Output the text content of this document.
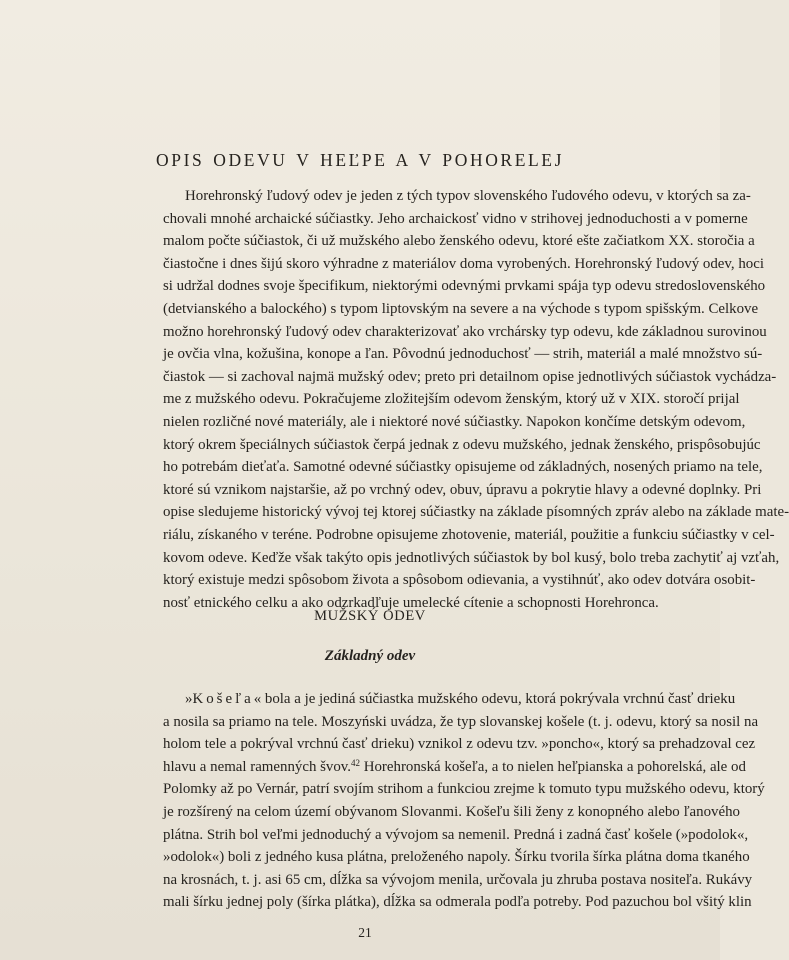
OPIS ODEVU V HEĽPE A V POHORELEJ
Horehronský ľudový odev je jeden z tých typov slovenského ľudového odevu, v ktorých sa za-
chovali mnohé archaické súčiastky. Jeho archaickosť vidno v strihovej jednoduchosti a v pomerne
malom počte súčiastok, či už mužského alebo ženského odevu, ktoré ešte začiatkom XX. storočia a
čiastočne i dnes šijú skoro výhradne z materiálov doma vyrobených. Horehronský ľudový odev, hoci
si udržal dodnes svoje špecifikum, niektorými odevnými prvkami spája typ odevu stredoslovenského
(detvianského a balockého) s typom liptovským na severe a na východe s typom spišským. Celkove
možno horehronský ľudový odev charakterizovať ako vrchársky typ odevu, kde základnou surovinou
je ovčia vlna, kožušina, konope a ľan. Pôvodnú jednoduchosť — strih, materiál a malé množstvo sú-
čiastok — si zachoval najmä mužský odev; preto pri detailnom opise jednotlivých súčiastok vychádza-
me z mužského odevu. Pokračujeme zložitejším odevom ženským, ktorý už v XIX. storočí prijal
nielen rozličné nové materiály, ale i niektoré nové súčiastky. Napokon končíme detským odevom,
ktorý okrem špeciálnych súčiastok čerpá jednak z odevu mužského, jednak ženského, prispôsobujúc
ho potrebám dieťaťa. Samotné odevné súčiastky opisujeme od základných, nosených priamo na tele,
ktoré sú vznikom najstaršie, až po vrchný odev, obuv, úpravu a pokrytie hlavy a odevné doplnky. Pri
opise sledujeme historický vývoj tej ktorej súčiastky na základe písomných zpráv alebo na základe mate-
riálu, získaného v teréne. Podrobne opisujeme zhotovenie, materiál, použitie a funkciu súčiastky v cel-
kovom odeve. Keďže však takýto opis jednotlivých súčiastok by bol kusý, bolo treba zachytiť aj vzťah,
ktorý existuje medzi spôsobom života a spôsobom odievania, a vystihnúť, ako odev dotvára osobit-
nosť etnického celku a ako odzrkadľuje umelecké cítenie a schopnosti Horehronca.
MUŽSKÝ ODEV
Základný odev
»Košeľa« bola a je jediná súčiastka mužského odevu, ktorá pokrývala vrchnú časť drieku
a nosila sa priamo na tele. Moszyński uvádza, že typ slovanskej košele (t. j. odevu, ktorý sa nosil na
holom tele a pokrýval vrchnú časť drieku) vznikol z odevu tzv. »poncho«, ktorý sa prehadzoval cez
hlavu a nemal ramenných švov.$^{42}$ Horehronská košeľa, a to nielen heľpianska a pohorelská, ale od
Polomky až po Vernár, patrí svojím strihom a funkciou zrejme k tomuto typu mužského odevu, ktorý
je rozšírený na celom území obývanom Slovanmi. Košeľu šili ženy z konopného alebo ľanového
plátna. Strih bol veľmi jednoduchý a vývojom sa nemenil. Predná i zadná časť košele (»podolok«,
»odolok«) boli z jedného kusa plátna, preloženého napoly. Šírku tvorila šírka plátna doma tkaného
na krosnách, t. j. asi 65 cm, dĺžka sa vývojom menila, určovala ju zhruba postava nositeľa. Rukávy
mali šírku jednej poly (šírka plátka), dĺžka sa odmerala podľa potreby. Pod pazuchou bol všitý klin
21
